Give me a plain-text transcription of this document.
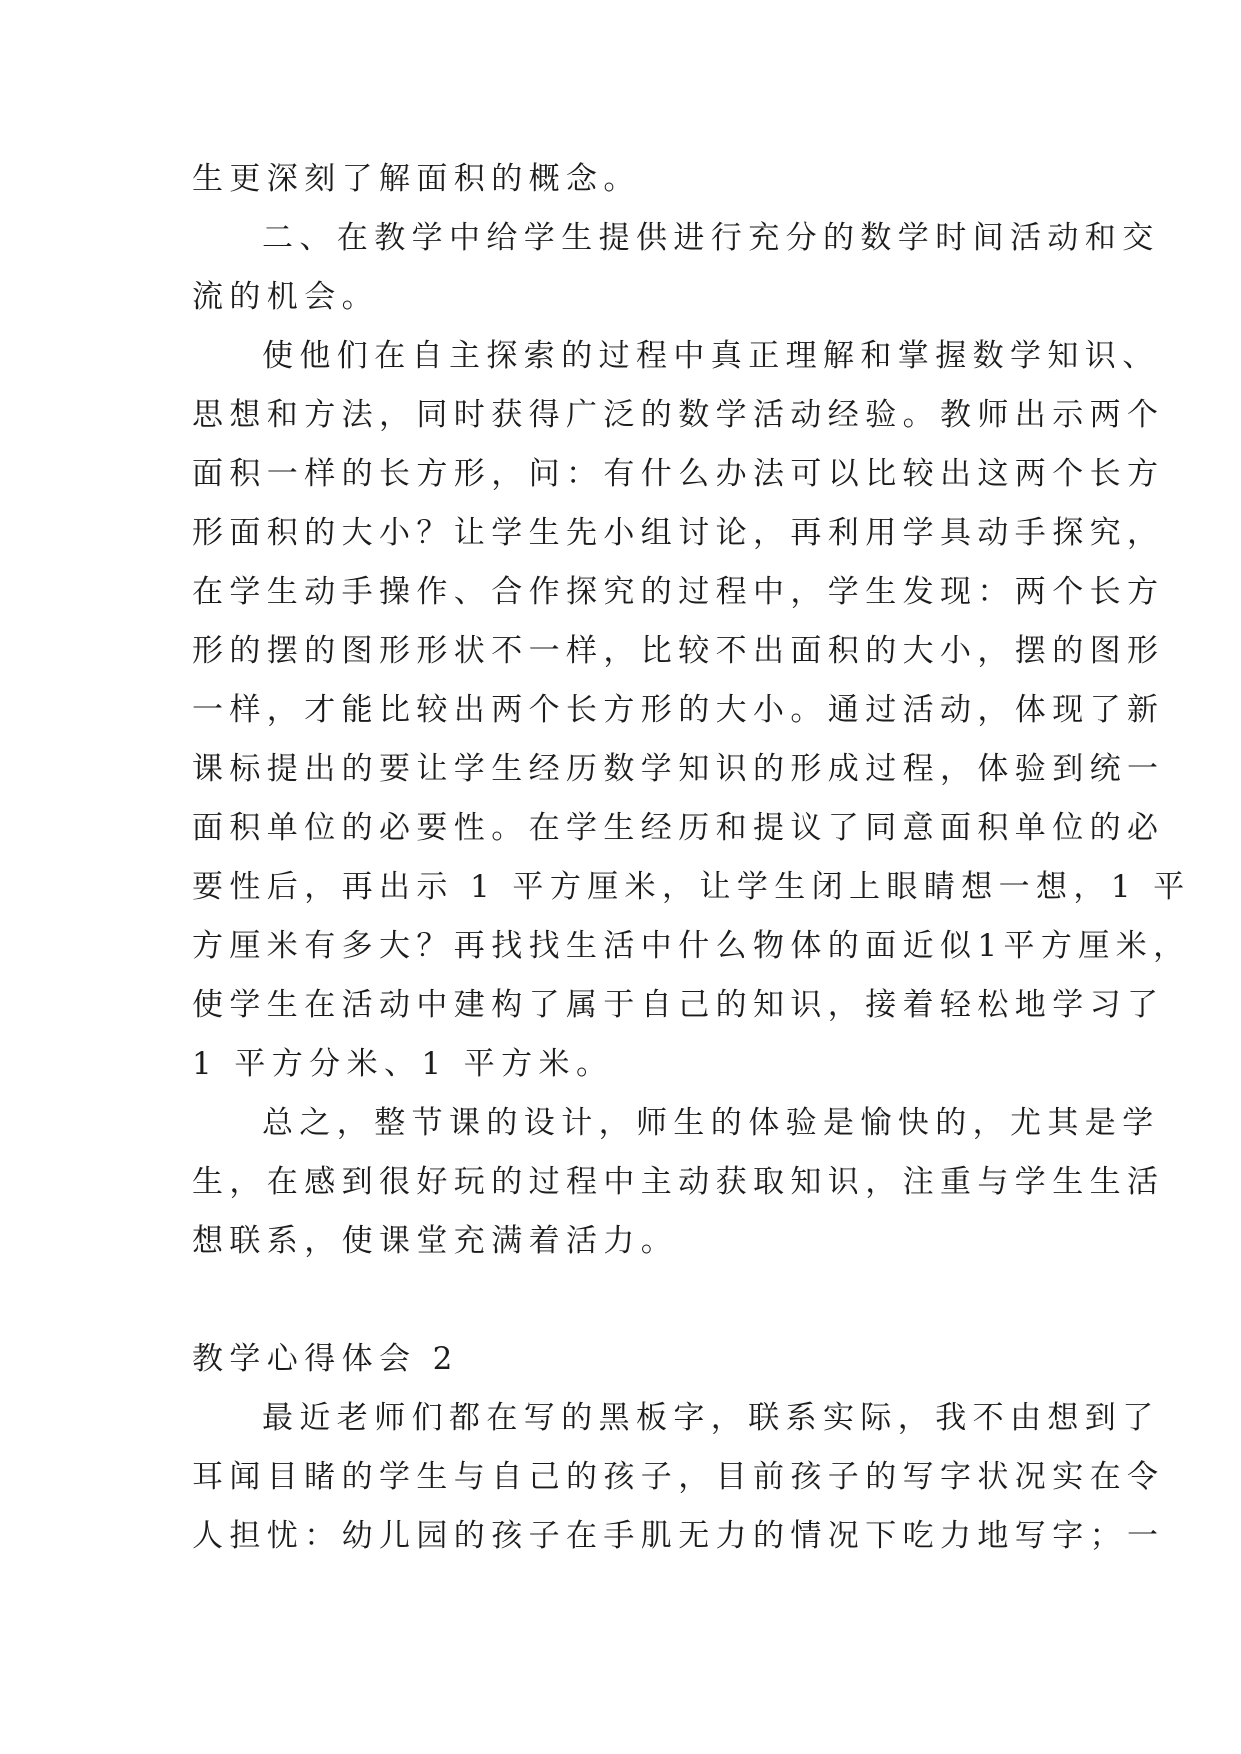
生更深刻了解面积的概念。

二、在教学中给学生提供进行充分的数学时间活动和交

流的机会。

使他们在自主探索的过程中真正理解和掌握数学知识、

思想和方法，同时获得广泛的数学活动经验。教师出示两个

面积一样的长方形，问：有什么办法可以比较出这两个长方

形面积的大小？让学生先小组讨论，再利用学具动手探究，

在学生动手操作、合作探究的过程中，学生发现：两个长方

形的摆的图形形状不一样，比较不出面积的大小，摆的图形

一样，才能比较出两个长方形的大小。通过活动，体现了新

课标提出的要让学生经历数学知识的形成过程，体验到统一

面积单位的必要性。在学生经历和提议了同意面积单位的必

要性后，再出示 1 平方厘米，让学生闭上眼睛想一想，1 平

方厘米有多大？再找找生活中什么物体的面近似1平方厘米，

使学生在活动中建构了属于自己的知识，接着轻松地学习了

1 平方分米、1 平方米。

总之，整节课的设计，师生的体验是愉快的，尤其是学

生，在感到很好玩的过程中主动获取知识，注重与学生生活

想联系，使课堂充满着活力。

教学心得体会 2

最近老师们都在写的黑板字，联系实际，我不由想到了

耳闻目睹的学生与自己的孩子，目前孩子的写字状况实在令

人担忧：幼儿园的孩子在手肌无力的情况下吃力地写字；一
